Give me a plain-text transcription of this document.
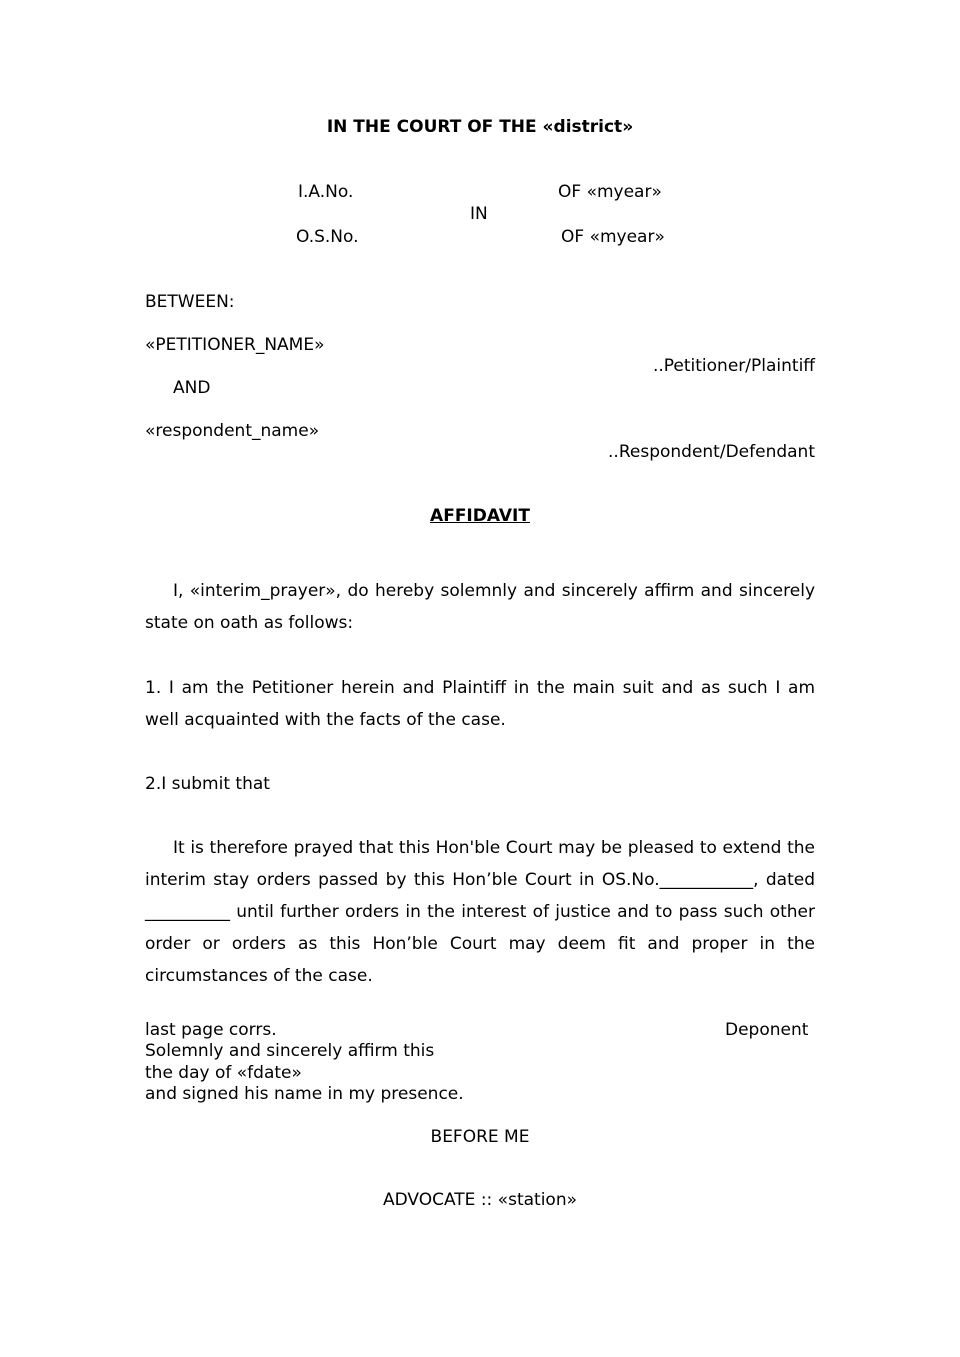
IN THE COURT OF THE «district»
I.A.No.	OF «myear»
IN
O.S.No.	OF «myear»
BETWEEN:
«PETITIONER_NAME»
..Petitioner/Plaintiff
AND
«respondent_name»
..Respondent/Defendant
AFFIDAVIT
I, «interim_prayer», do hereby solemnly and sincerely affirm and sincerely state on oath as follows:
1. I am the Petitioner herein and Plaintiff in the main suit and as such I am well acquainted with the facts of the case.
2.I submit that
It is therefore prayed that this Hon'ble Court may be pleased to extend the interim stay orders passed by this Hon’ble Court in OS.No.___________, dated __________ until further orders in the interest of justice and to pass such other order or orders as this Hon’ble Court may deem fit and proper in the circumstances of the case.
last page corrs.	Deponent
Solemnly and sincerely affirm this
the day of «fdate»
and signed his name in my presence.
BEFORE ME
ADVOCATE :: «station»
